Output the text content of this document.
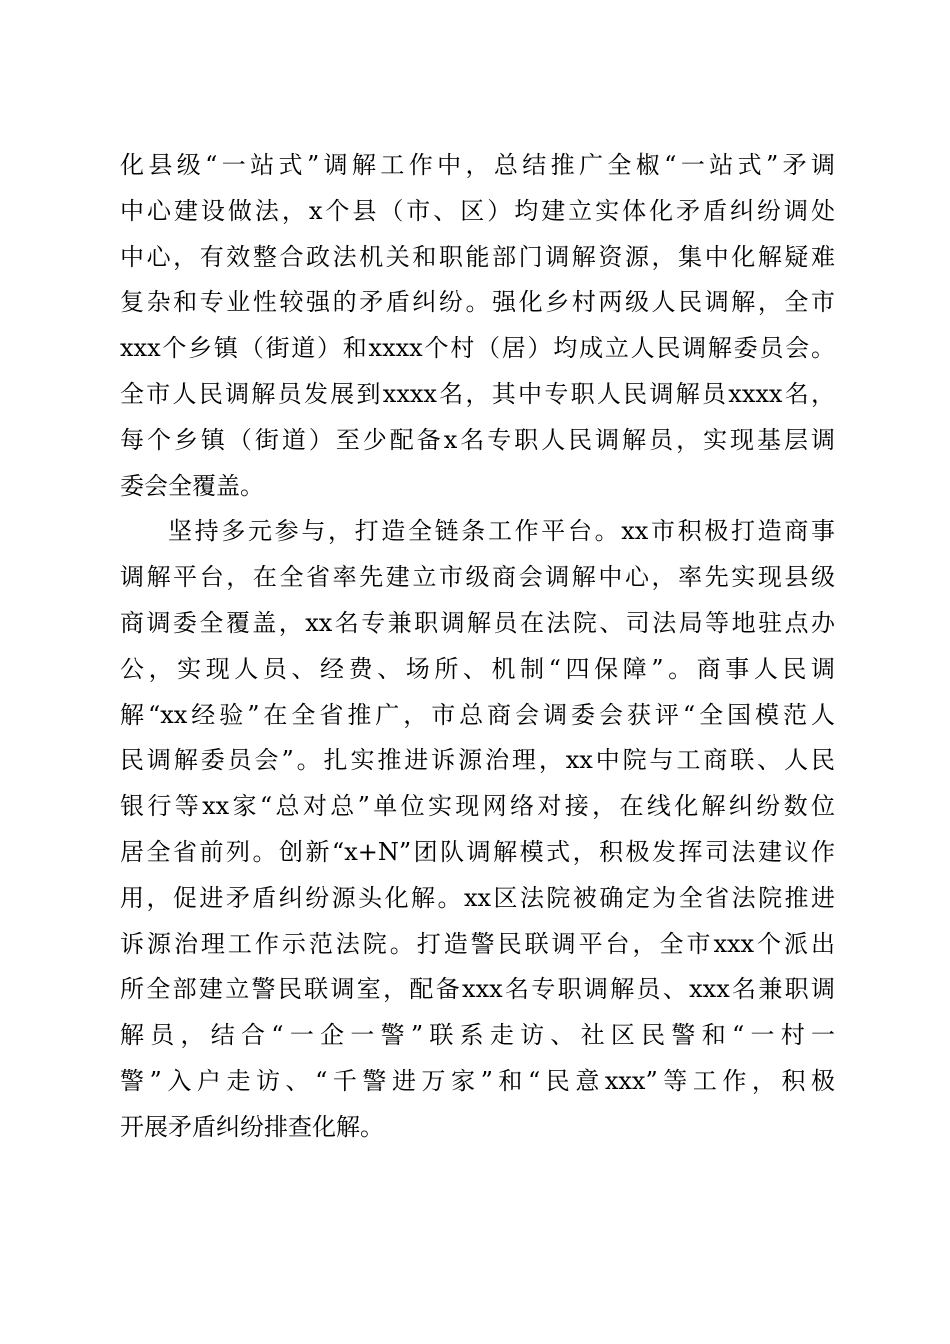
化县级“一站式”调解工作中，总结推广全椒“一站式”矛调
中心建设做法，x个县（市、区）均建立实体化矛盾纠纷调处
中心，有效整合政法机关和职能部门调解资源，集中化解疑难
复杂和专业性较强的矛盾纠纷。强化乡村两级人民调解，全市
xxx个乡镇（街道）和xxxx个村（居）均成立人民调解委员会。
全市人民调解员发展到xxxx名，其中专职人民调解员xxxx名，
每个乡镇（街道）至少配备x名专职人民调解员，实现基层调
委会全覆盖。
坚持多元参与，打造全链条工作平台。xx市积极打造商事
调解平台，在全省率先建立市级商会调解中心，率先实现县级
商调委全覆盖，xx名专兼职调解员在法院、司法局等地驻点办
公，实现人员、经费、场所、机制“四保障”。商事人民调
解“xx经验”在全省推广，市总商会调委会获评“全国模范人
民调解委员会”。扎实推进诉源治理，xx中院与工商联、人民
银行等xx家“总对总”单位实现网络对接，在线化解纠纷数位
居全省前列。创新“x+N”团队调解模式，积极发挥司法建议作
用，促进矛盾纠纷源头化解。xx区法院被确定为全省法院推进
诉源治理工作示范法院。打造警民联调平台，全市xxx个派出
所全部建立警民联调室，配备xxx名专职调解员、xxx名兼职调
解员，结合“一企一警”联系走访、社区民警和“一村一
警”入户走访、“千警进万家”和“民意xxx”等工作，积极
开展矛盾纠纷排查化解。
